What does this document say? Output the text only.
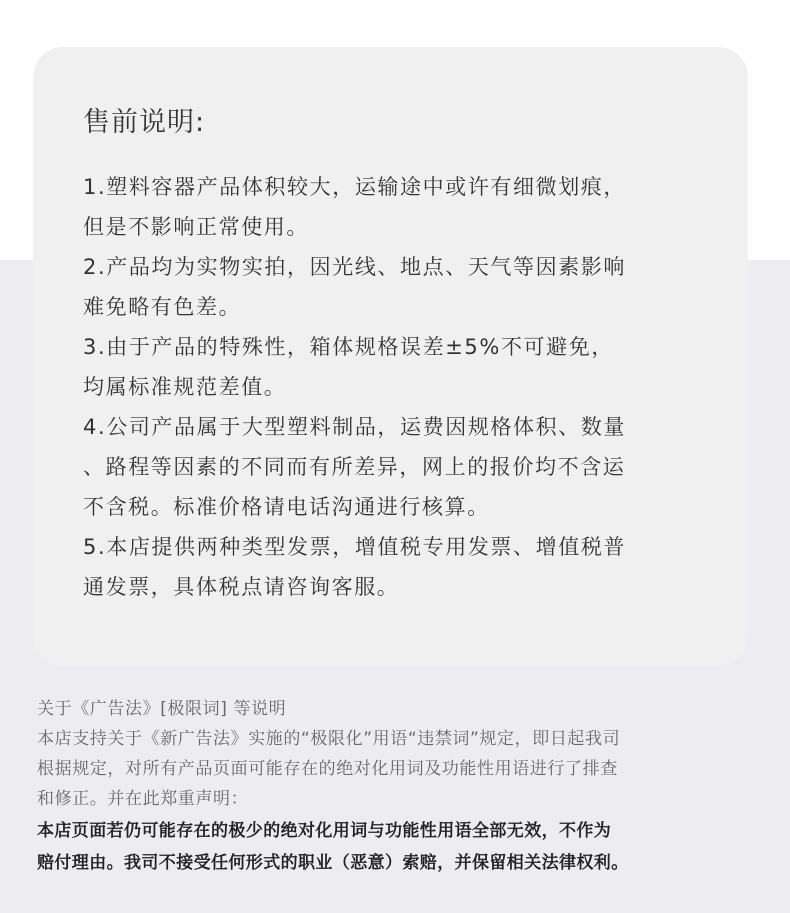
售前说明:
1.塑料容器产品体积较大，运输途中或许有细微划痕，
但是不影响正常使用。
2.产品均为实物实拍，因光线、地点、天气等因素影响
难免略有色差。
3.由于产品的特殊性，箱体规格误差±5%不可避免，
均属标准规范差值。
4.公司产品属于大型塑料制品，运费因规格体积、数量
、路程等因素的不同而有所差异，网上的报价均不含运
不含税。标准价格请电话沟通进行核算。
5.本店提供两种类型发票，增值税专用发票、增值税普
通发票，具体税点请咨询客服。
关于《广告法》[极限词] 等说明
本店支持关于《新广告法》实施的“极限化”用语“违禁词”规定，即日起我司
根据规定，对所有产品页面可能存在的绝对化用词及功能性用语进行了排查
和修正。并在此郑重声明：
本店页面若仍可能存在的极少的绝对化用词与功能性用语全部无效，不作为
赔付理由。我司不接受任何形式的职业（恶意）索赔，并保留相关法律权利。
